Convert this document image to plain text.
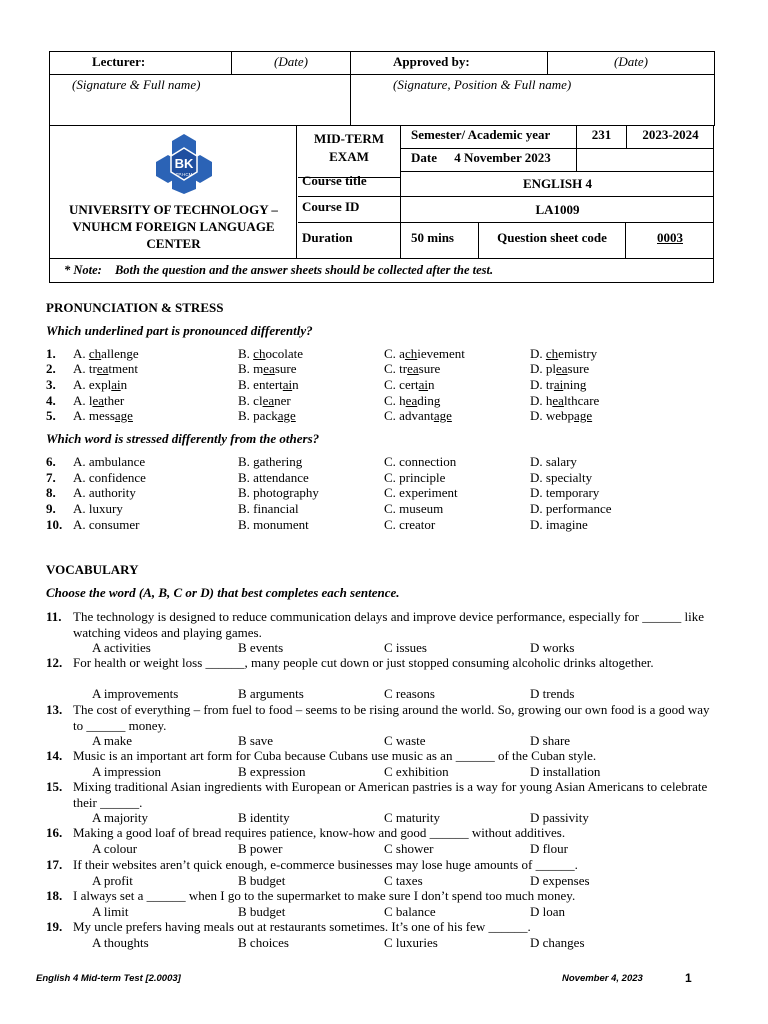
Lecturer:	(Date)	Approved by:	(Date)
(Signature & Full name)		(Signature, Position & Full name)	
BK
TP.HCM
UNIVERSITY OF TECHNOLOGY – VNUHCM FOREIGN LANGUAGE CENTER
MID-TERM EXAM
Semester/ Academic year	231	2023-2024
Date 4 November 2023
Course title	ENGLISH 4
Course ID	LA1009
Duration	50 mins	Question sheet code	0003
* Note: Both the question and the answer sheets should be collected after the test.
PRONUNCIATION & STRESS
Which underlined part is pronounced differently?
1. A. challenge	B. chocolate	C. achievement	D. chemistry
2. A. treatment	B. measure	C. treasure	D. pleasure
3. A. explain	B. entertain	C. certain	D. training
4. A. leather	B. cleaner	C. heading	D. healthcare
5. A. message	B. package	C. advantage	D. webpage
Which word is stressed differently from the others?
6. A. ambulance	B. gathering	C. connection	D. salary
7. A. confidence	B. attendance	C. principle	D. specialty
8. A. authority	B. photography	C. experiment	D. temporary
9. A. luxury	B. financial	C. museum	D. performance
10. A. consumer	B. monument	C. creator	D. imagine
VOCABULARY
Choose the word (A, B, C or D) that best completes each sentence.
11. The technology is designed to reduce communication delays and improve device performance, especially for ______ like watching videos and playing games.
A activities	B events	C issues	D works
12. For health or weight loss ______, many people cut down or just stopped consuming alcoholic drinks altogether.
A improvements	B arguments	C reasons	D trends
13. The cost of everything – from fuel to food – seems to be rising around the world. So, growing our own food is a good way to ______ money.
A make	B save	C waste	D share
14. Music is an important art form for Cuba because Cubans use music as an ______ of the Cuban style.
A impression	B expression	C exhibition	D installation
15. Mixing traditional Asian ingredients with European or American pastries is a way for young Asian Americans to celebrate their ______.
A majority	B identity	C maturity	D passivity
16. Making a good loaf of bread requires patience, know-how and good ______ without additives.
A colour	B power	C shower	D flour
17. If their websites aren’t quick enough, e-commerce businesses may lose huge amounts of ______.
A profit	B budget	C taxes	D expenses
18. I always set a ______ when I go to the supermarket to make sure I don’t spend too much money.
A limit	B budget	C balance	D loan
19. My uncle prefers having meals out at restaurants sometimes. It’s one of his few ______.
A thoughts	B choices	C luxuries	D changes
English 4 Mid-term Test [2.0003]	November 4, 2023	1
